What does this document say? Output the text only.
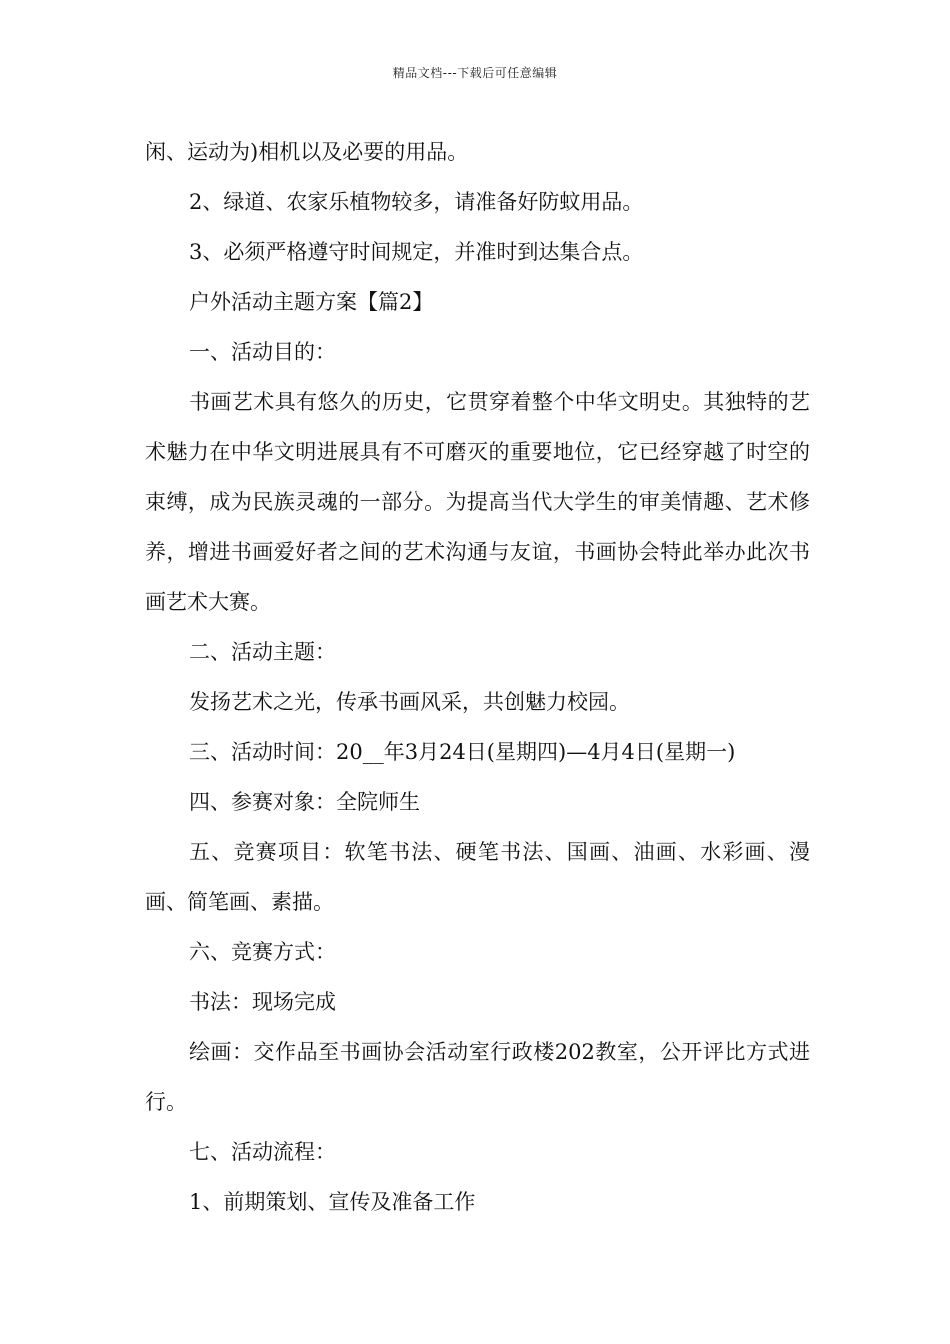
精品文档---下载后可任意编辑

闲、运动为)相机以及必要的用品。

2、绿道、农家乐植物较多，请准备好防蚊用品。

3、必须严格遵守时间规定，并准时到达集合点。

户外活动主题方案【篇2】

一、活动目的：

书画艺术具有悠久的历史，它贯穿着整个中华文明史。其独特的艺术魅力在中华文明进展具有不可磨灭的重要地位，它已经穿越了时空的束缚，成为民族灵魂的一部分。为提高当代大学生的审美情趣、艺术修养，增进书画爱好者之间的艺术沟通与友谊，书画协会特此举办此次书画艺术大赛。

二、活动主题：

发扬艺术之光，传承书画风采，共创魅力校园。

三、活动时间：20__年3月24日(星期四)—4月4日(星期一)

四、参赛对象：全院师生

五、竞赛项目：软笔书法、硬笔书法、国画、油画、水彩画、漫画、简笔画、素描。

六、竞赛方式：

书法：现场完成

绘画：交作品至书画协会活动室行政楼202教室，公开评比方式进行。

七、活动流程：

1、前期策划、宣传及准备工作
